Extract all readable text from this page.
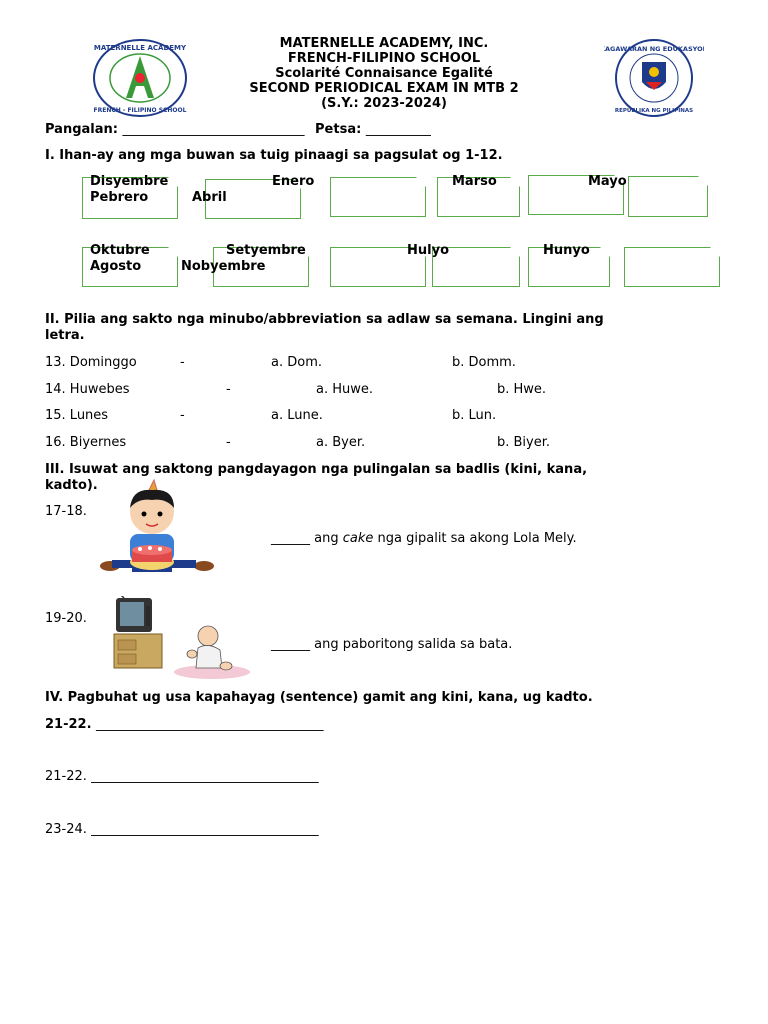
MATERNELLE ACADEMY
FRENCH - FILIPINO SCHOOL
MATERNELLE ACADEMY, INC.
FRENCH-FILIPINO SCHOOL
Scolarité Connaisance Egalité
SECOND PERIODICAL EXAM IN MTB 2
(S.Y.: 2023-2024)
KAGAWARAN NG EDUKASYON
REPUBLIKA NG PILIPINAS
Pangalan: ____________________________ Petsa: __________
I. Ihan-ay ang mga buwan sa tuig pinaagi sa pagsulat og 1-12.
Disyembre	Enero	Marso	Mayo
Pebrero	Abril
Oktubre	Setyembre	Hulyo	Hunyo
Agosto	Nobyembre
II. Pilia ang sakto nga minubo/abbreviation sa adlaw sa semana. Lingini ang
letra.
13. Dominggo	-	a. Dom.	b. Domm.
14. Huwebes	-	a. Huwe.	b. Hwe.
15. Lunes	-	a. Lune.	b. Lun.
16. Biyernes	-	a. Byer.	b. Biyer.
III. Isuwat ang saktong pangdayagon nga pulingalan sa badlis (kini, kana,
kadto).
17-18.
______ ang cake nga gipalit sa akong Lola Mely.
19-20.
______ ang paboritong salida sa bata.
IV. Pagbuhat ug usa kapahayag (sentence) gamit ang kini, kana, ug kadto.
21-22. ___________________________________
21-22. ___________________________________
23-24. ___________________________________
